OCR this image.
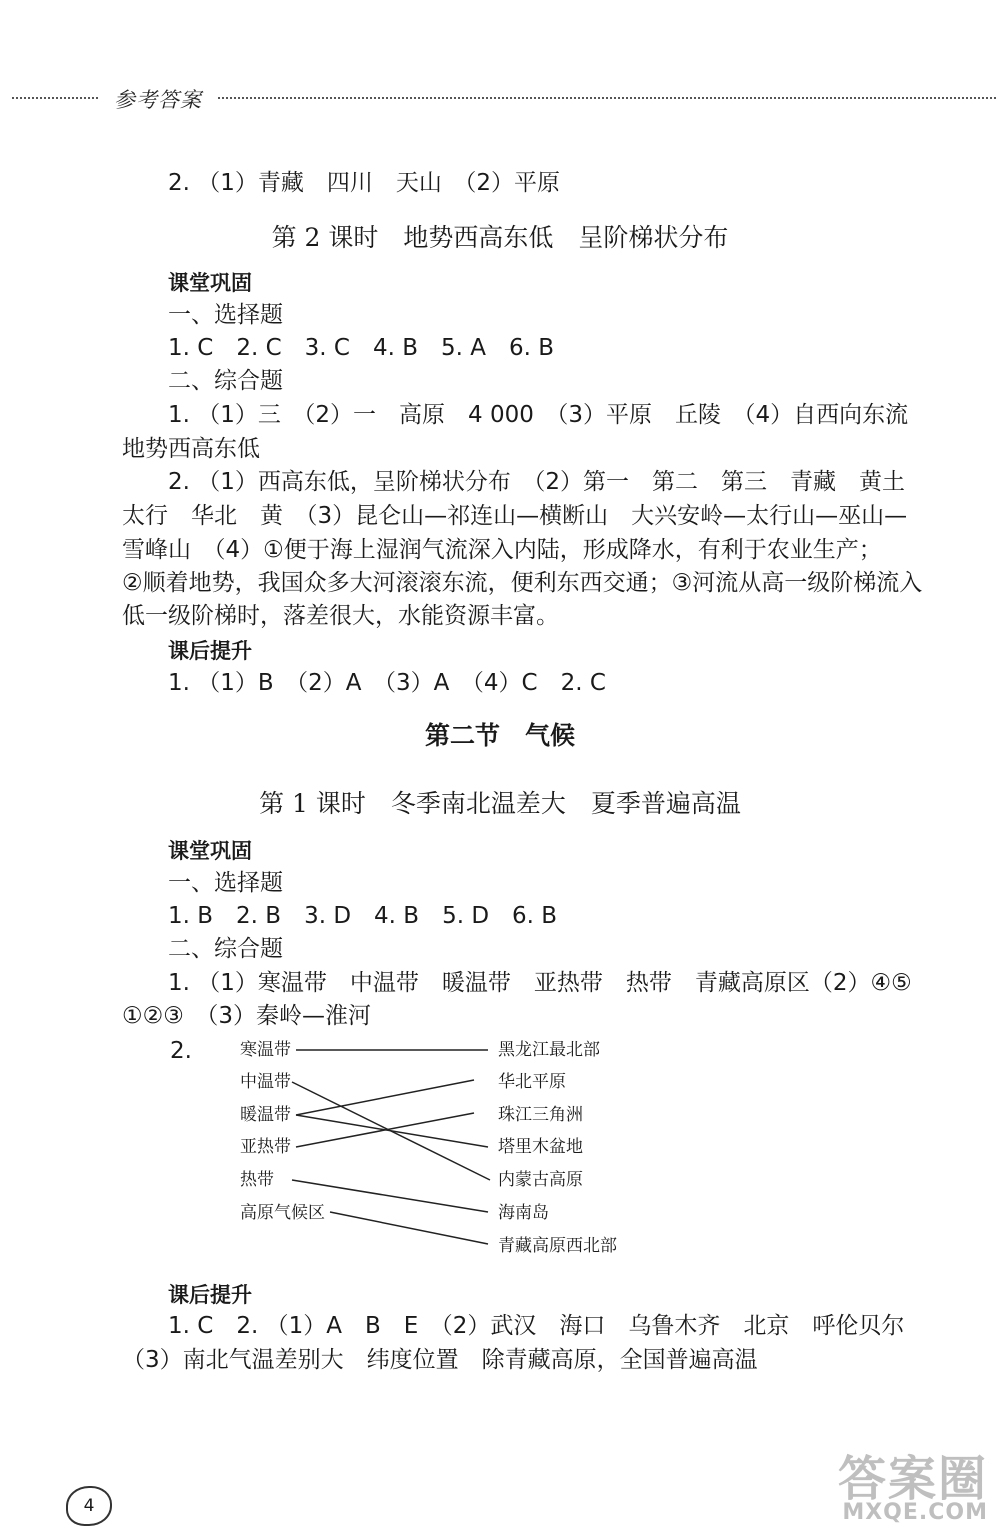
参考答案
2. （1）青藏　四川　天山　（2）平原
第 2 课时　地势西高东低　呈阶梯状分布
课堂巩固
一、选择题
1. C　2. C　3. C　4. B　5. A　6. B
二、综合题
1. （1）三　（2）一　高原　4 000　（3）平原　丘陵　（4）自西向东流
地势西高东低
2. （1）西高东低，呈阶梯状分布　（2）第一　第二　第三　青藏　黄土
太行　华北　黄　（3）昆仑山—祁连山—横断山　大兴安岭—太行山—巫山—
雪峰山　（4）①便于海上湿润气流深入内陆，形成降水，有利于农业生产；
②顺着地势，我国众多大河滚滚东流，便利东西交通；③河流从高一级阶梯流入
低一级阶梯时，落差很大，水能资源丰富。
课后提升
1. （1）B　（2）A　（3）A　（4）C　2. C
第二节　气候
第 1 课时　冬季南北温差大　夏季普遍高温
课堂巩固
一、选择题
1. B　2. B　3. D　4. B　5. D　6. B
二、综合题
1. （1）寒温带　中温带　暖温带　亚热带　热带　青藏高原区（2）④⑤
①②③　（3）秦岭—淮河
2.	寒温带
中温带
暖温带
亚热带
热带
高原气候区
黑龙江最北部
华北平原
珠江三角洲
塔里木盆地
内蒙古高原
海南岛
青藏高原西北部
课后提升
1. C　2. （1）A　B　E　（2）武汉　海口　乌鲁木齐　北京　呼伦贝尔
（3）南北气温差别大　纬度位置　除青藏高原，全国普遍高温
4	答案圈
MXQE.COM
